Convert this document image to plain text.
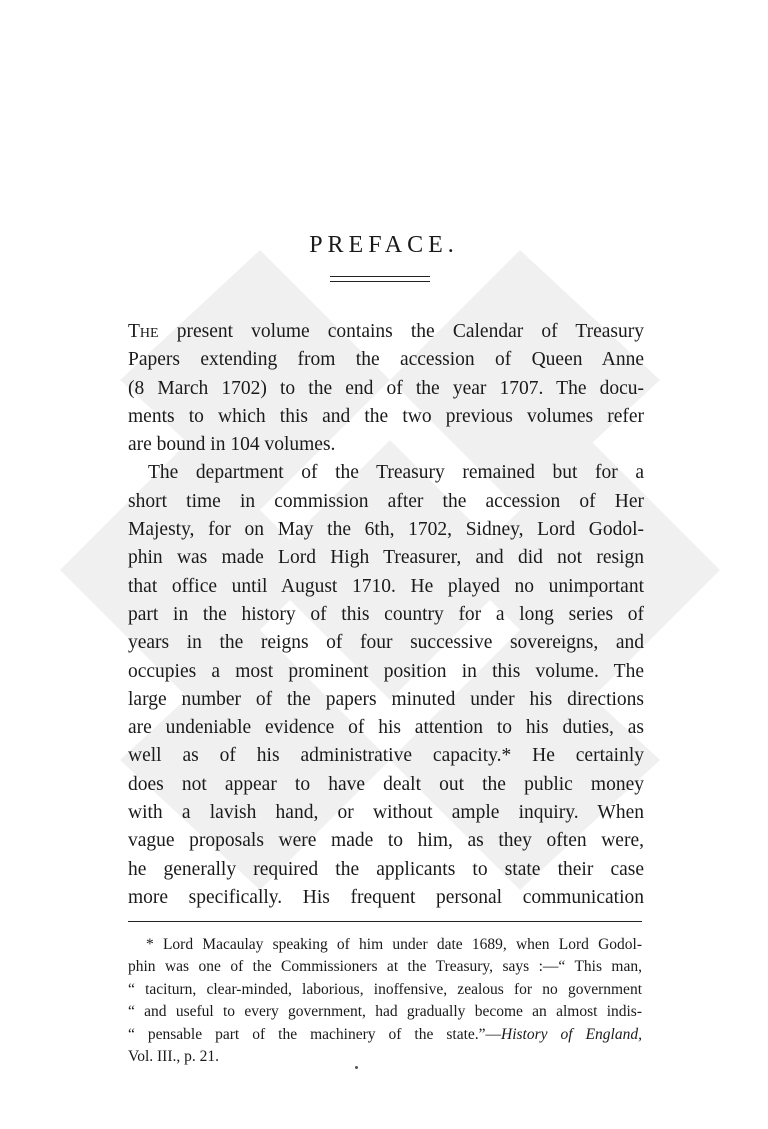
PREFACE.
The present volume contains the Calendar of Treasury
Papers extending from the accession of Queen Anne
(8 March 1702) to the end of the year 1707. The docu-
ments to which this and the two previous volumes refer
are bound in 104 volumes.
The department of the Treasury remained but for a
short time in commission after the accession of Her
Majesty, for on May the 6th, 1702, Sidney, Lord Godol-
phin was made Lord High Treasurer, and did not resign
that office until August 1710. He played no unimportant
part in the history of this country for a long series of
years in the reigns of four successive sovereigns, and
occupies a most prominent position in this volume. The
large number of the papers minuted under his directions
are undeniable evidence of his attention to his duties, as
well as of his administrative capacity.* He certainly
does not appear to have dealt out the public money
with a lavish hand, or without ample inquiry. When
vague proposals were made to him, as they often were,
he generally required the applicants to state their case
more specifically. His frequent personal communication
* Lord Macaulay speaking of him under date 1689, when Lord Godol-
phin was one of the Commissioners at the Treasury, says :—“ This man,
“ taciturn, clear-minded, laborious, inoffensive, zealous for no government
“ and useful to every government, had gradually become an almost indis-
“ pensable part of the machinery of the state.”—History of England,
Vol. III., p. 21.
